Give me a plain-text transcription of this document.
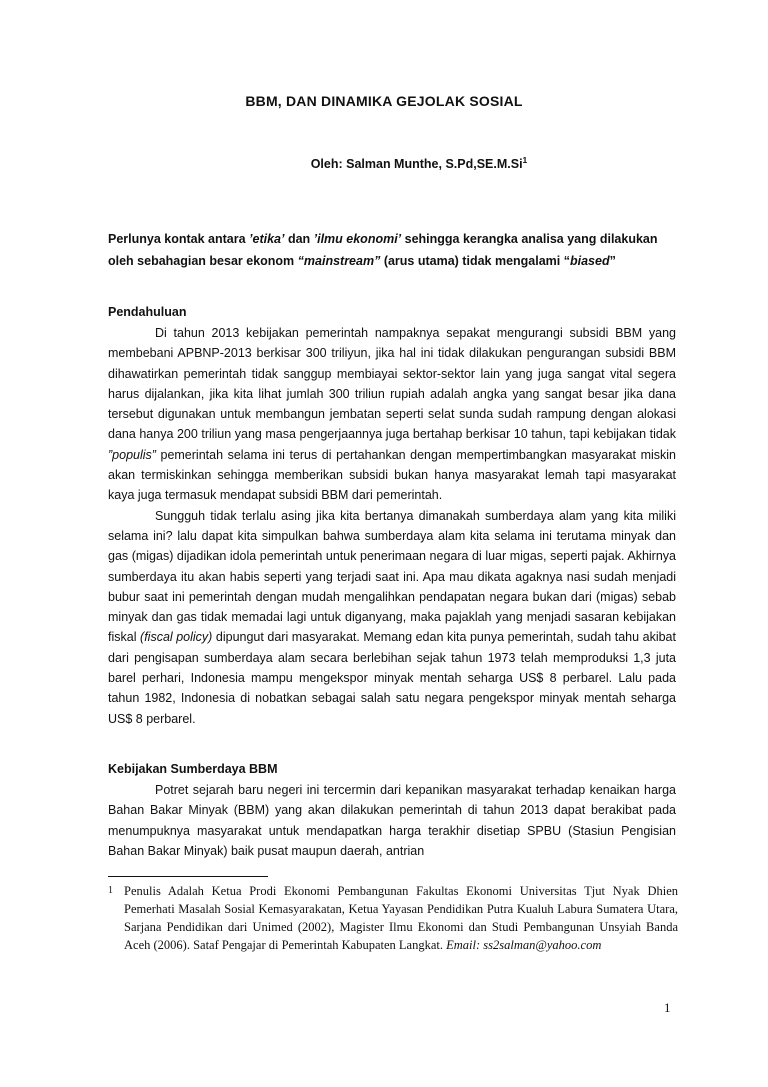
BBM, DAN DINAMIKA GEJOLAK SOSIAL
Oleh: Salman Munthe, S.Pd,SE.M.Si$^1$
Perlunya kontak antara ’etika’ dan ’ilmu ekonomi’ sehingga kerangka analisa yang dilakukan oleh sebahagian besar ekonom “mainstream” (arus utama) tidak mengalami “biased”
Pendahuluan

Di tahun 2013 kebijakan pemerintah nampaknya sepakat mengurangi subsidi BBM yang membebani APBNP-2013 berkisar 300 triliyun, jika hal ini tidak dilakukan pengurangan subsidi BBM dihawatirkan pemerintah tidak sanggup membiayai sektor-sektor lain yang juga sangat vital segera harus dijalankan, jika kita lihat jumlah 300 triliun rupiah adalah angka yang sangat besar jika dana tersebut digunakan untuk membangun jembatan seperti selat sunda sudah rampung dengan alokasi dana hanya 200 triliun yang masa pengerjaannya juga bertahap berkisar 10 tahun, tapi kebijakan tidak ”populis” pemerintah selama ini terus di pertahankan dengan mempertimbangkan masyarakat miskin akan termiskinkan sehingga memberikan subsidi bukan hanya masyarakat lemah tapi masyarakat kaya juga termasuk mendapat subsidi BBM dari pemerintah.

Sungguh tidak terlalu asing jika kita bertanya dimanakah sumberdaya alam yang kita miliki selama ini? lalu dapat kita simpulkan bahwa sumberdaya alam kita selama ini terutama minyak dan gas (migas) dijadikan idola pemerintah untuk penerimaan negara di luar migas, seperti pajak. Akhirnya sumberdaya itu akan habis seperti yang terjadi saat ini. Apa mau dikata agaknya nasi sudah menjadi bubur saat ini pemerintah dengan mudah mengalihkan pendapatan negara bukan dari (migas) sebab minyak dan gas tidak memadai lagi untuk diganyang, maka pajaklah yang menjadi sasaran kebijakan fiskal (fiscal policy) dipungut dari masyarakat. Memang edan kita punya pemerintah, sudah tahu akibat dari pengisapan sumberdaya alam secara berlebihan sejak tahun 1973 telah memproduksi 1,3 juta barel perhari, Indonesia mampu mengekspor minyak mentah seharga US$ 8 perbarel. Lalu pada tahun 1982, Indonesia di nobatkan sebagai salah satu negara pengekspor minyak mentah seharga US$ 8 perbarel.

Kebijakan Sumberdaya BBM

Potret sejarah baru negeri ini tercermin dari kepanikan masyarakat terhadap kenaikan harga Bahan Bakar Minyak (BBM) yang akan dilakukan pemerintah di tahun 2013 dapat berakibat pada menumpuknya masyarakat untuk mendapatkan harga terakhir disetiap SPBU (Stasiun Pengisian Bahan Bakar Minyak) baik pusat maupun daerah, antrian

1 Penulis Adalah Ketua Prodi Ekonomi Pembangunan Fakultas Ekonomi Universitas Tjut Nyak Dhien Pemerhati Masalah Sosial Kemasyarakatan, Ketua Yayasan Pendidikan Putra Kualuh Labura Sumatera Utara, Sarjana Pendidikan dari Unimed (2002), Magister Ilmu Ekonomi dan Studi Pembangunan Unsyiah Banda Aceh (2006). Sataf Pengajar di Pemerintah Kabupaten Langkat. Email: ss2salman@yahoo.com
1
